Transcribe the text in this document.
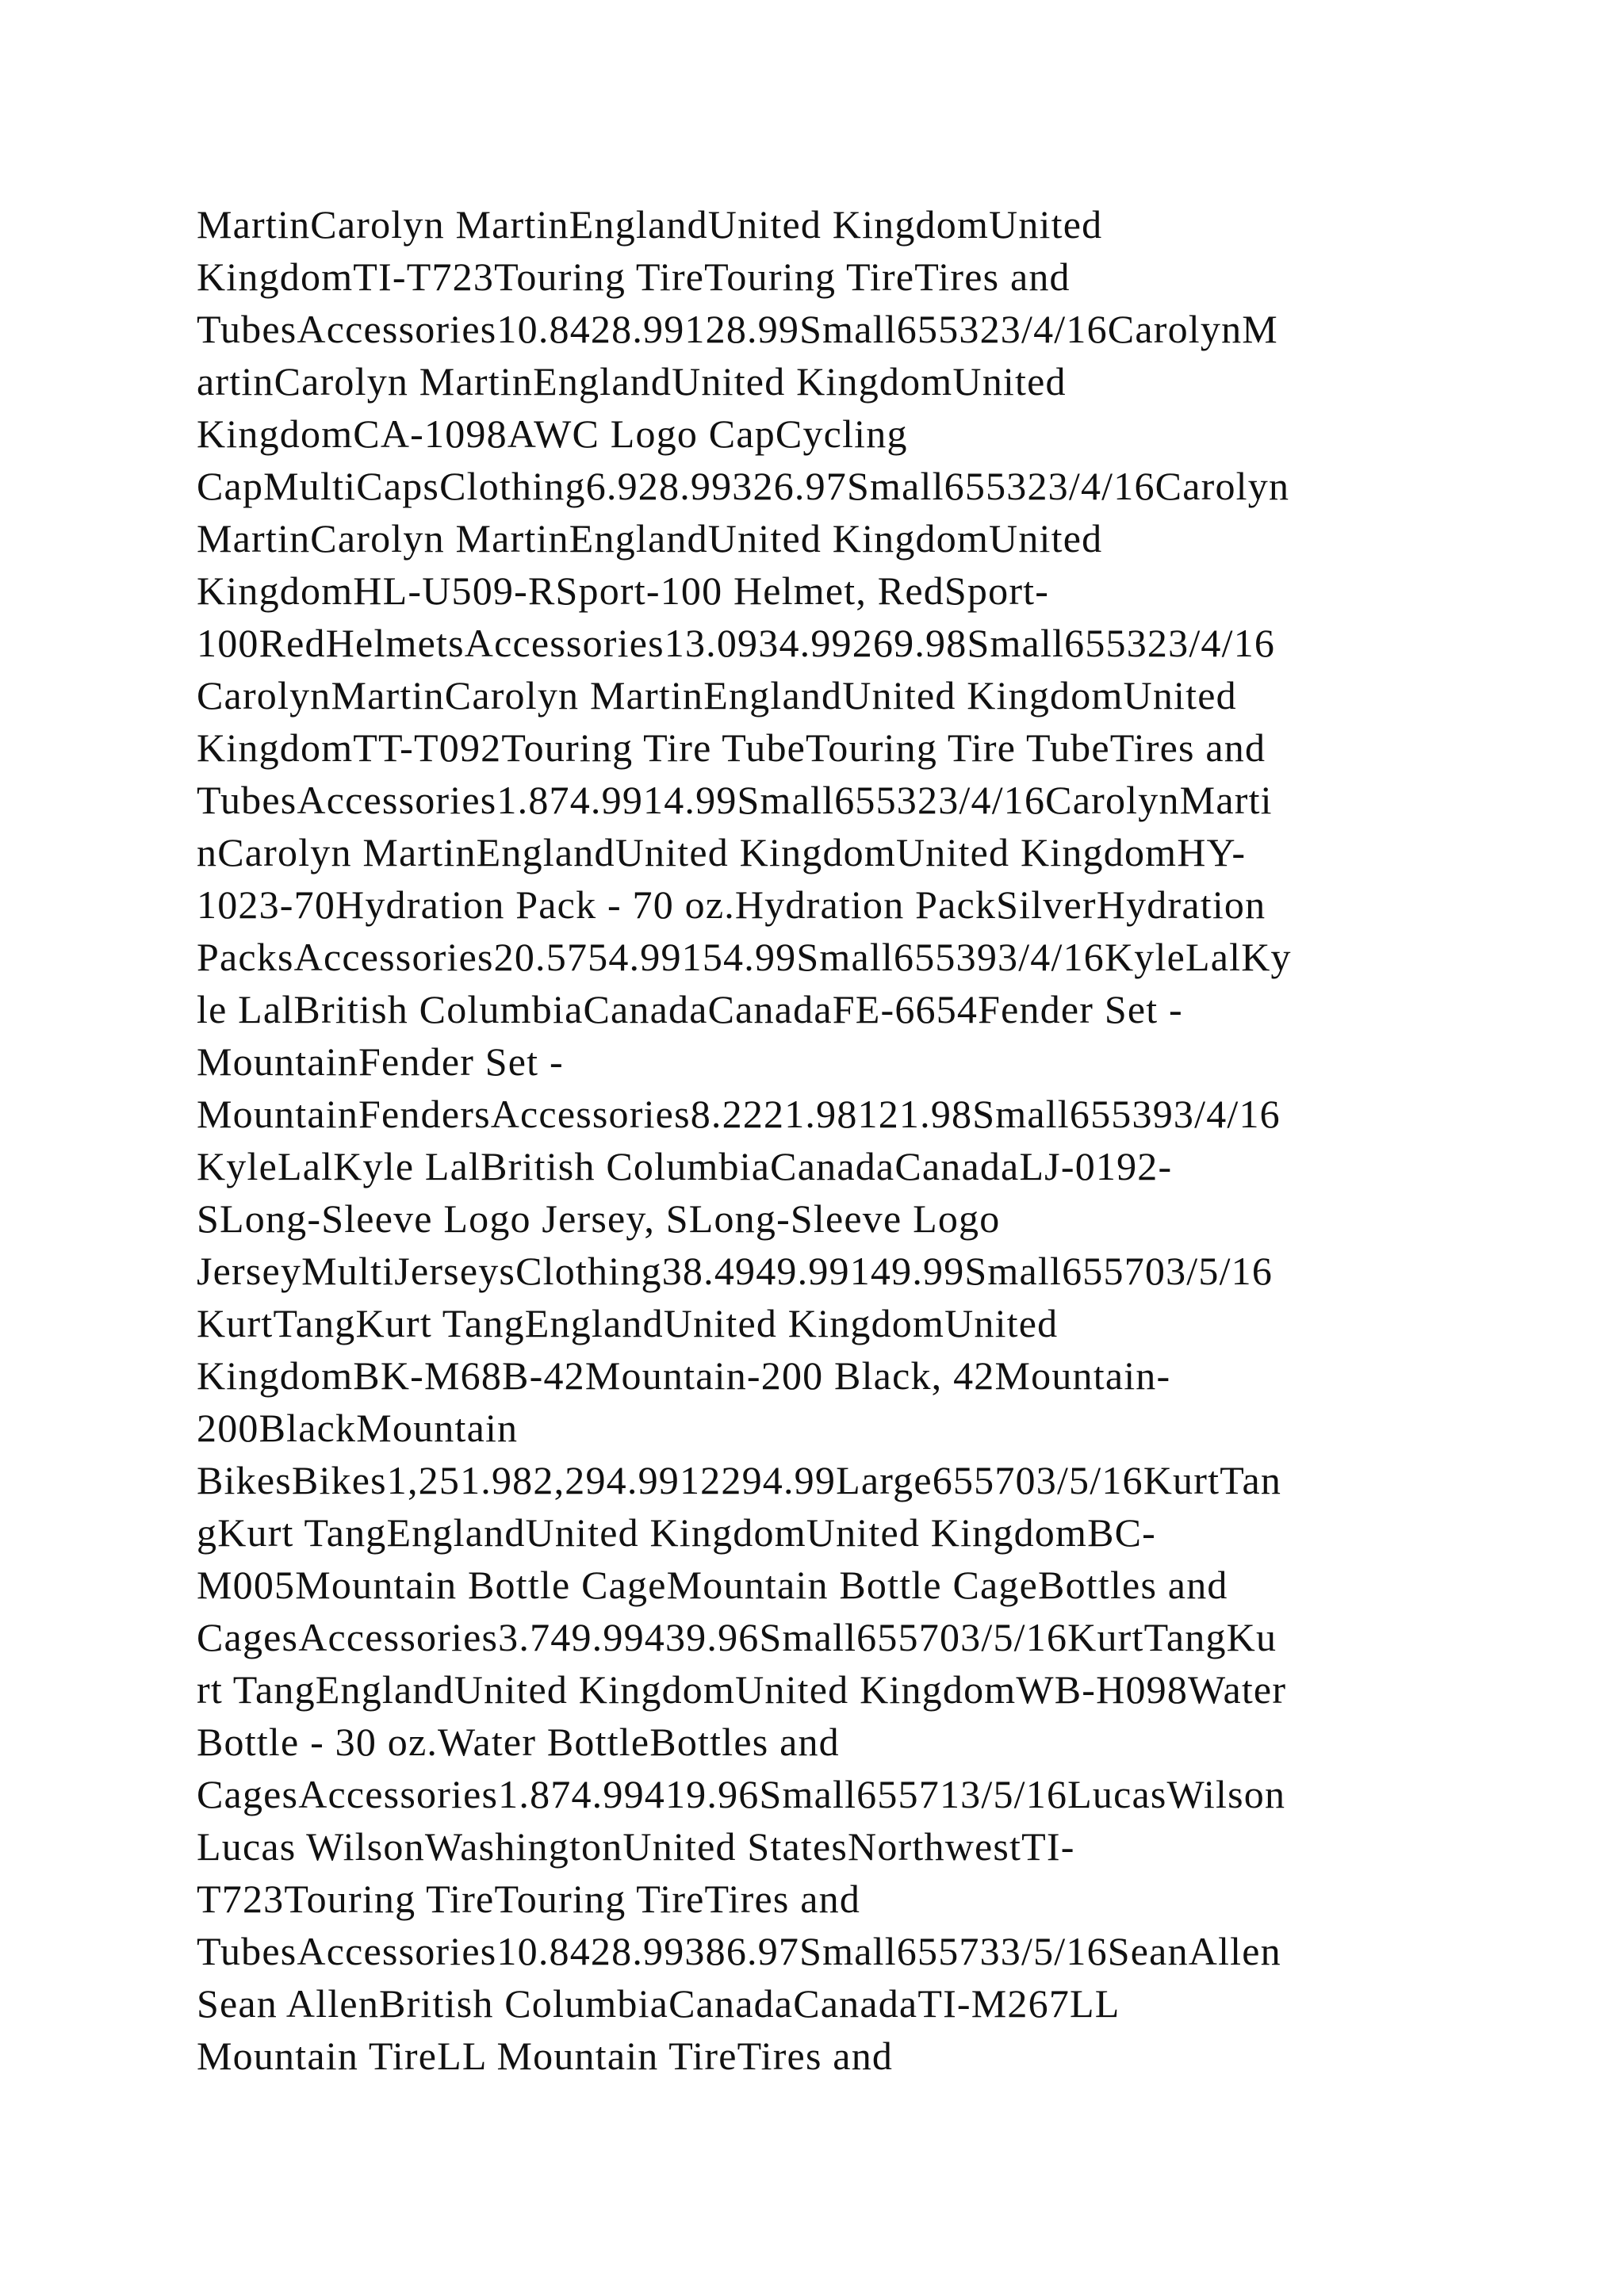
MartinCarolyn MartinEnglandUnited KingdomUnited
KingdomTI-T723Touring TireTouring TireTires and
TubesAccessories10.8428.99128.99Small655323/4/16CarolynM
artinCarolyn MartinEnglandUnited KingdomUnited
KingdomCA-1098AWC Logo CapCycling
CapMultiCapsClothing6.928.99326.97Small655323/4/16Carolyn
MartinCarolyn MartinEnglandUnited KingdomUnited
KingdomHL-U509-RSport-100 Helmet, RedSport-
100RedHelmetsAccessories13.0934.99269.98Small655323/4/16
CarolynMartinCarolyn MartinEnglandUnited KingdomUnited
KingdomTT-T092Touring Tire TubeTouring Tire TubeTires and
TubesAccessories1.874.9914.99Small655323/4/16CarolynMarti
nCarolyn MartinEnglandUnited KingdomUnited KingdomHY-
1023-70Hydration Pack - 70 oz.Hydration PackSilverHydration
PacksAccessories20.5754.99154.99Small655393/4/16KyleLalKy
le LalBritish ColumbiaCanadaCanadaFE-6654Fender Set -
MountainFender Set -
MountainFendersAccessories8.2221.98121.98Small655393/4/16
KyleLalKyle LalBritish ColumbiaCanadaCanadaLJ-0192-
SLong-Sleeve Logo Jersey, SLong-Sleeve Logo
JerseyMultiJerseysClothing38.4949.99149.99Small655703/5/16
KurtTangKurt TangEnglandUnited KingdomUnited
KingdomBK-M68B-42Mountain-200 Black, 42Mountain-
200BlackMountain
BikesBikes1,251.982,294.9912294.99Large655703/5/16KurtTan
gKurt TangEnglandUnited KingdomUnited KingdomBC-
M005Mountain Bottle CageMountain Bottle CageBottles and
CagesAccessories3.749.99439.96Small655703/5/16KurtTangKu
rt TangEnglandUnited KingdomUnited KingdomWB-H098Water
Bottle - 30 oz.Water BottleBottles and
CagesAccessories1.874.99419.96Small655713/5/16LucasWilson
Lucas WilsonWashingtonUnited StatesNorthwestTI-
T723Touring TireTouring TireTires and
TubesAccessories10.8428.99386.97Small655733/5/16SeanAllen
Sean AllenBritish ColumbiaCanadaCanadaTI-M267LL
Mountain TireLL Mountain TireTires and
